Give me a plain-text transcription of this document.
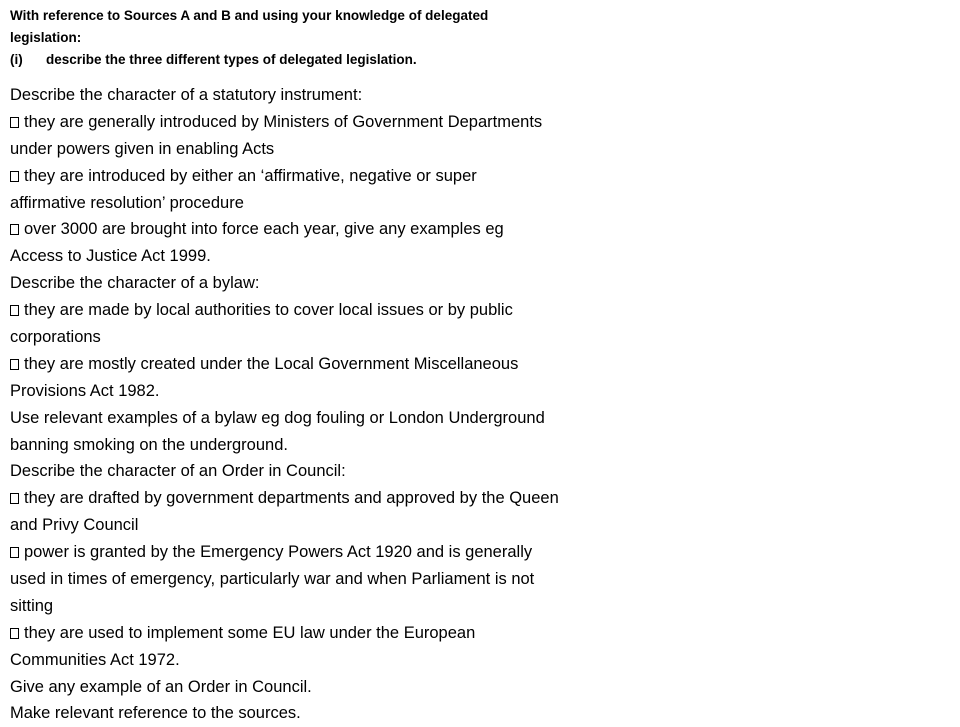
With reference to Sources A and B and using your knowledge of delegated
legislation:
(i)	describe the three different types of delegated legislation.
Describe the character of a statutory instrument:
they are generally introduced by Ministers of Government Departments
under powers given in enabling Acts
they are introduced by either an ‘affirmative, negative or super
affirmative resolution’ procedure
over 3000 are brought into force each year, give any examples eg
Access to Justice Act 1999.
Describe the character of a bylaw:
they are made by local authorities to cover local issues or by public
corporations
they are mostly created under the Local Government Miscellaneous
Provisions Act 1982.
Use relevant examples of a bylaw eg dog fouling or London Underground
banning smoking on the underground.
Describe the character of an Order in Council:
they are drafted by government departments and approved by the Queen
and Privy Council
power is granted by the Emergency Powers Act 1920 and is generally
used in times of emergency, particularly war and when Parliament is not
sitting
they are used to implement some EU law under the European
Communities Act 1972.
Give any example of an Order in Council.
Make relevant reference to the sources.
